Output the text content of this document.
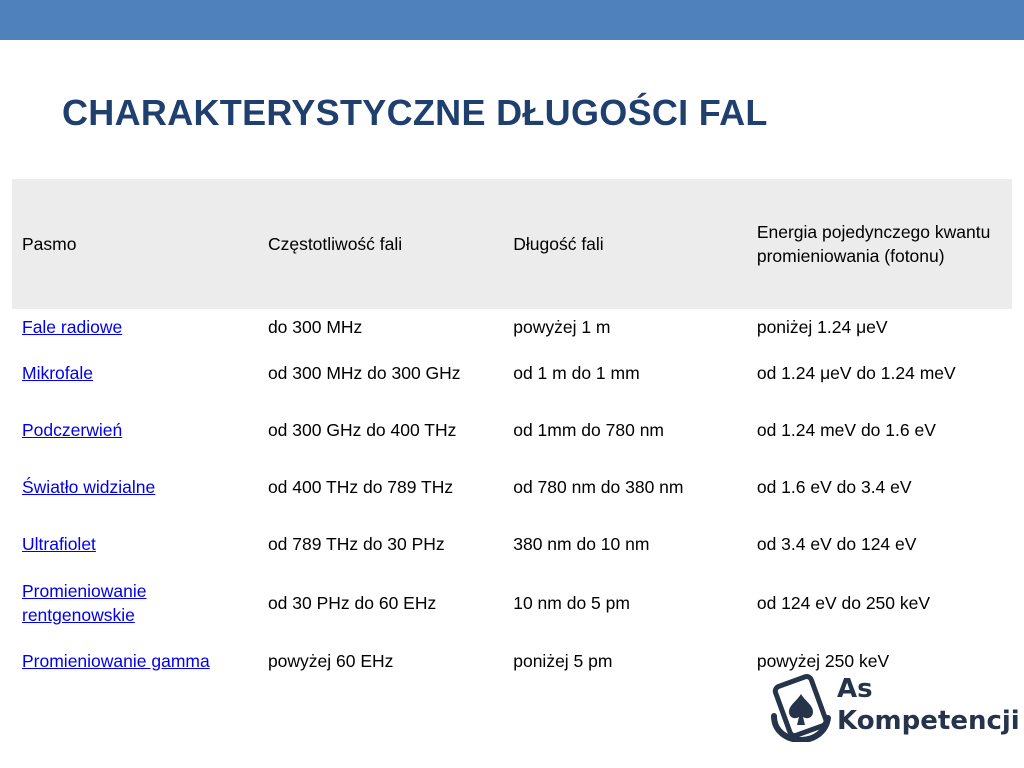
CHARAKTERYSTYCZNE DŁUGOŚCI FAL
Pasmo	Częstotliwość fali	Długość fali	Energia pojedynczego kwantu promieniowania (fotonu)
Fale radiowe	do 300 MHz	powyżej 1 m	poniżej 1.24 μeV
Mikrofale	od 300 MHz do 300 GHz	od 1 m do 1 mm	od 1.24 μeV do 1.24 meV
Podczerwień	od 300 GHz do 400 THz	od 1mm do 780 nm	od 1.24 meV do 1.6 eV
Światło widzialne	od 400 THz do 789 THz	od 780 nm do 380 nm	od 1.6 eV do 3.4 eV
Ultrafiolet	od 789 THz do 30 PHz	380 nm do 10 nm	od 3.4 eV do 124 eV
Promieniowanie rentgenowskie	od 30 PHz do 60 EHz	10 nm do 5 pm	od 124 eV do 250 keV
Promieniowanie gamma	powyżej 60 EHz	poniżej 5 pm	powyżej 250 keV
As
Kompetencji
